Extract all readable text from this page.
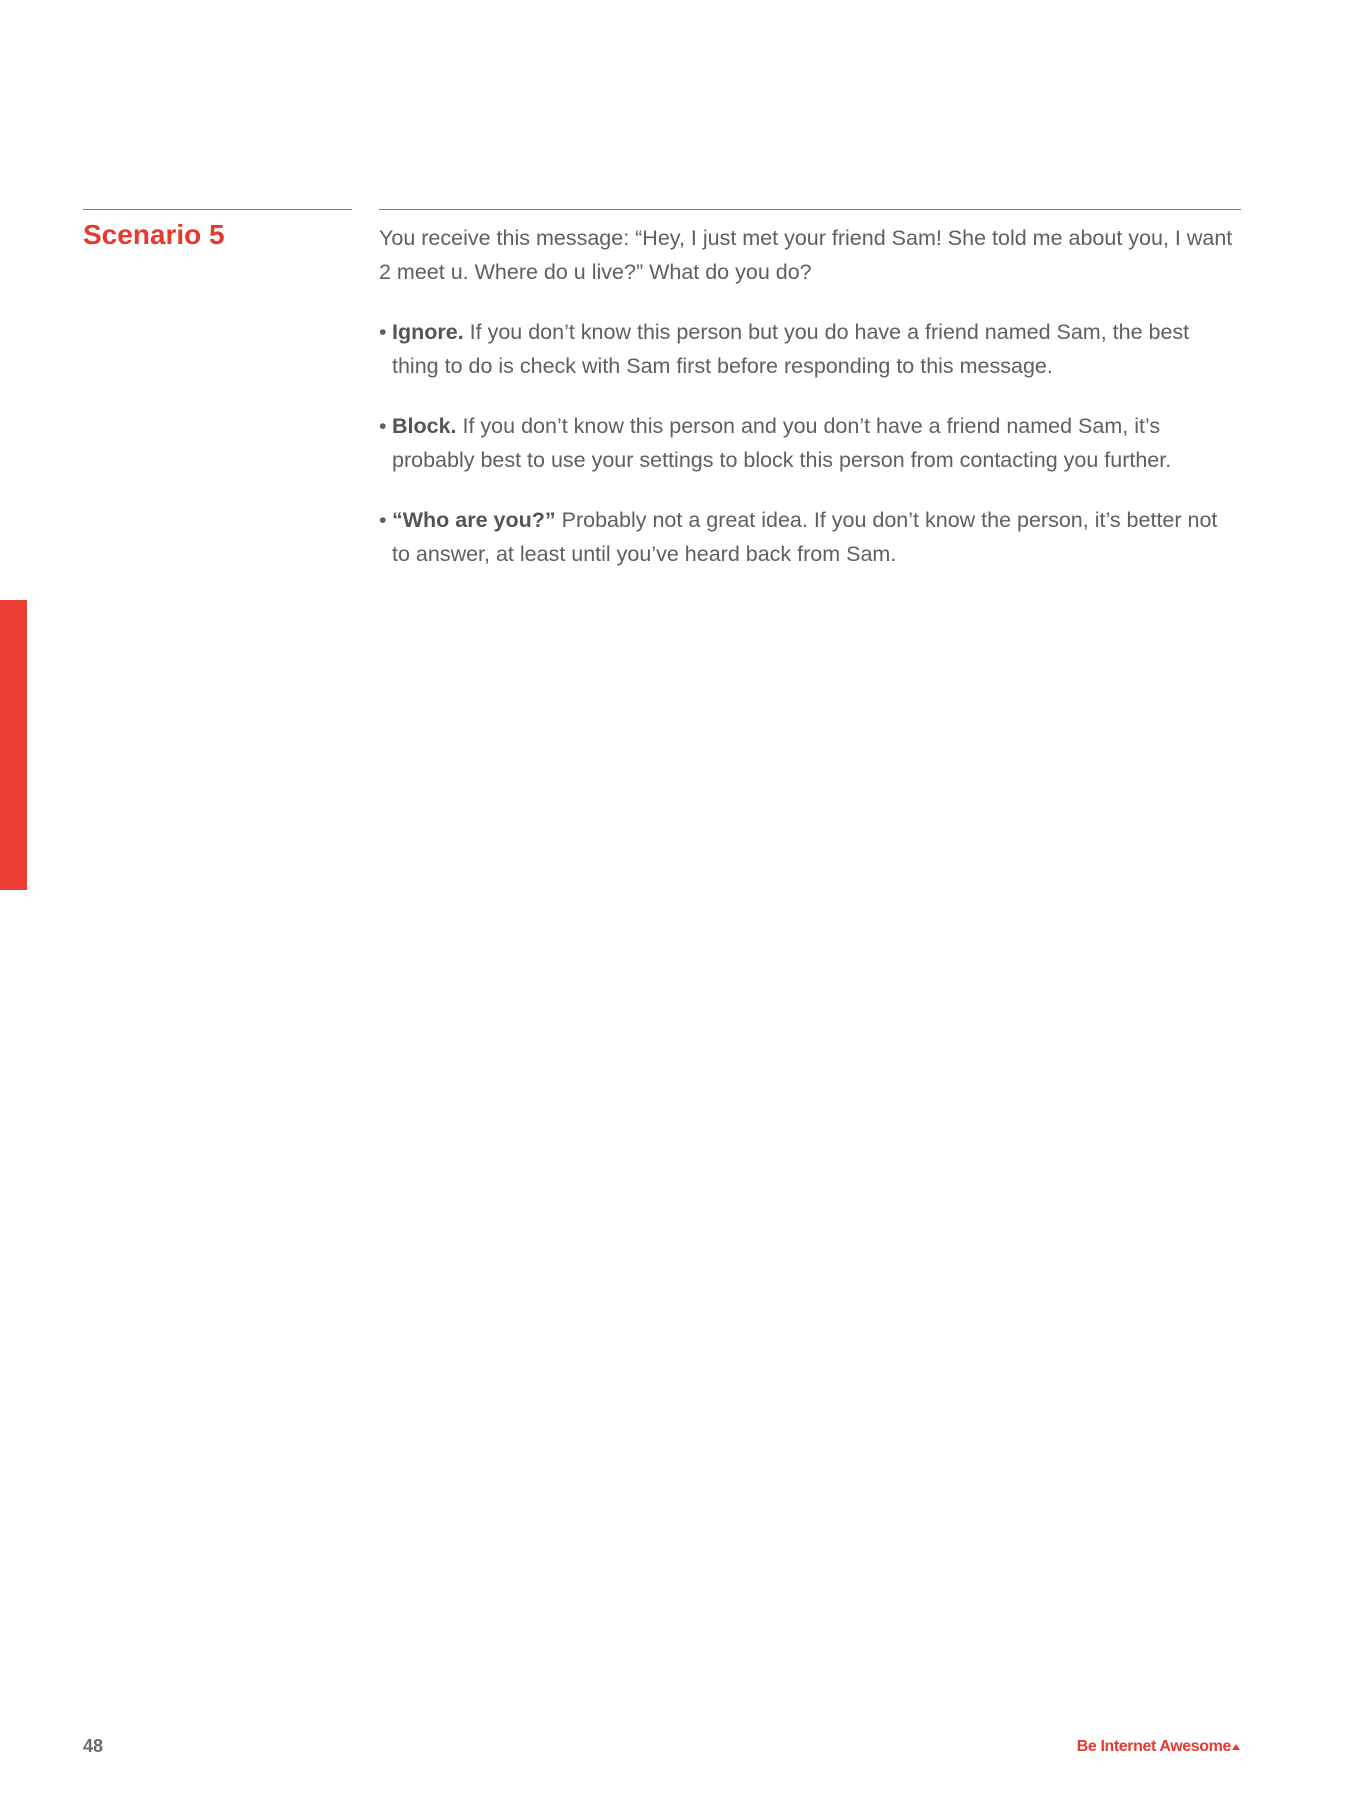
Scenario 5	You receive this message: “Hey, I just met your friend Sam! She told me about you, I want 2 meet u. Where do u live?” What do you do?

• Ignore. If you don’t know this person but you do have a friend named Sam, the best thing to do is check with Sam first before responding to this message.
• Block. If you don’t know this person and you don’t have a friend named Sam, it’s probably best to use your settings to block this person from contacting you further.
• “Who are you?” Probably not a great idea. If you don’t know the person, it’s better not to answer, at least until you’ve heard back from Sam.
48	Be Internet Awesome
